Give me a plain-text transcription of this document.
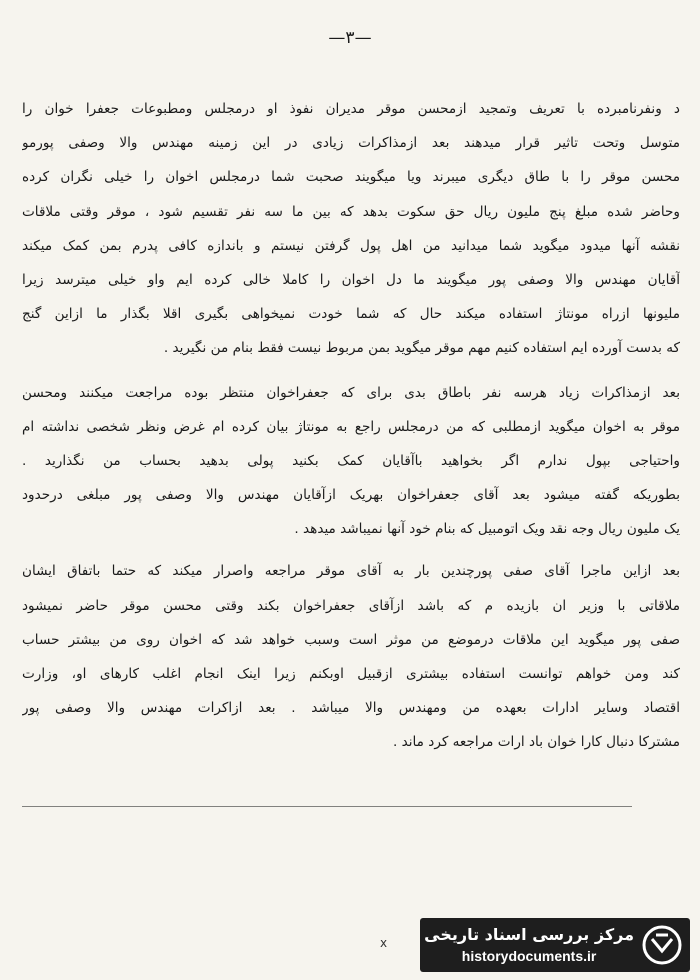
—٣—
د ونفرنامبرده با تعریف وتمجید ازمحسن موقر مدیران نفوذ او درمجلس ومطبوعات جعفرا خوان را
متوسل وتحت تاثیر قرار میدهند بعد ازمذاکرات زیادی در این زمینه مهندس والا وصفی پورمو
محسن موقر را با طاق دیگری میبرند ویا میگویند صحبت شما درمجلس اخوان را خیلی نگران کرده
وحاضر شده مبلغ پنج ملیون ریال حق سکوت بدهد که بین ما سه نفر تقسیم شود ، موقر وقتی ملاقات
نقشه آنها میدود میگوید شما میدانید من اهل پول گرفتن نیستم و باندازه کافی پدرم بمن کمک میکند
آقایان مهندس والا وصفی پور میگویند ما دل اخوان را کاملا خالی کرده ایم واو خیلی میترسد زیرا
ملیونها ازراه مونتاژ استفاده میکند حال که شما خودت نمیخواهی بگیری اقلا بگذار ما ازاین گنج
که بدست آورده ایم استفاده کنیم مهم موقر میگوید بمن مربوط نیست فقط بنام من نگیرید .
بعد ازمذاکرات زیاد هرسه نفر باطاق بدی برای که جعفراخوان منتظر بوده مراجعت میکنند ومحسن
موقر به اخوان میگوید ازمطلبی که من درمجلس راجع به مونتاژ بیان کرده ام غرض ونظر شخصی نداشته ام
واحتیاجی بپول ندارم اگر بخواهید باآقایان کمک بکنید پولی بدهید بحساب من نگذارید .
بطوریکه گفته میشود بعد آقای جعفراخوان بهریک ازآقایان مهندس والا وصفی پور مبلغی درحدود
یک ملیون ریال وجه نقد ویک اتومبیل که بنام خود آنها نمیباشد میدهد .
بعد ازاین ماجرا آقای صفی پورچندین بار به آقای موقر مراجعه واصرار میکند که حتما باتفاق ایشان
ملاقاتی با وزیر ان بازیده م که باشد ازآقای جعفراخوان بکند وقتی محسن موقر حاضر نمیشود
صفی پور میگوید این ملاقات درموضع من موثر است وسبب خواهد شد که اخوان روی من بیشتر حساب
کند ومن خواهم توانست استفاده بیشتری ازقبیل اوبکنم زیرا اینک انجام اغلب کارهای او، وزارت
اقتصاد وسایر ادارات بعهده من ومهندس والا میباشد . بعد ازاکرات مهندس والا وصفی پور
مشترکا دنبال کارا خوان باد ارات مراجعه کرد ماند .
x مرکز بررسی اسناد تاریخی
historydocuments.ir
